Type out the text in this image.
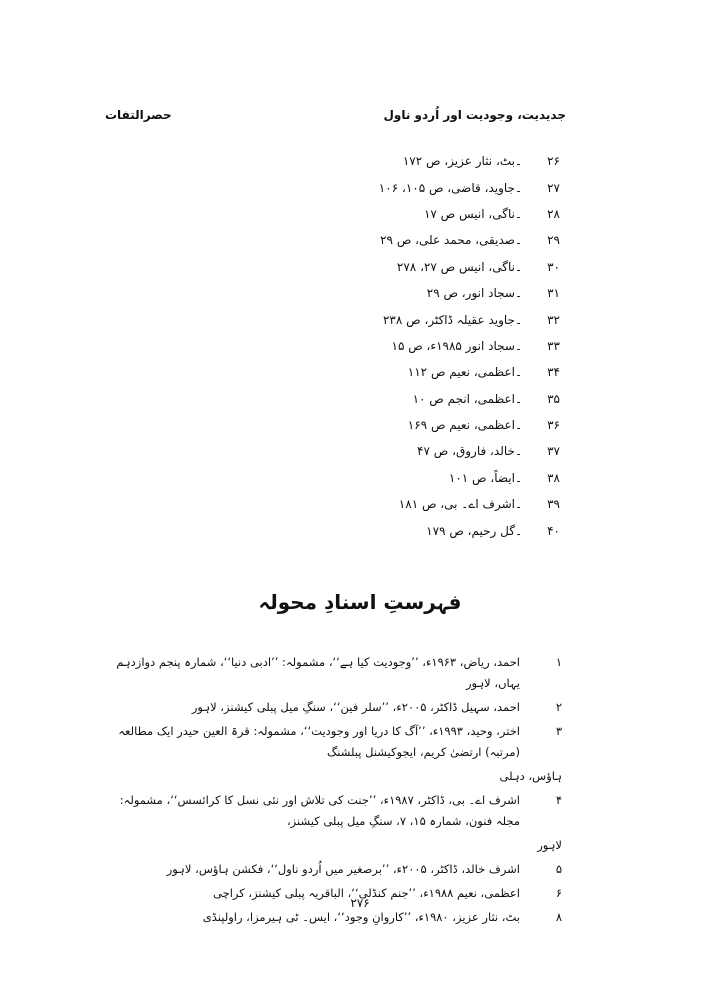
حصرالتفات	جدیدیت، وجودیت اور اُردو ناول
۲۶
۔
بٹ، نثار عزیز، ص ۱۷۲
۲۷
۔
جاوید، قاضی، ص ۱۰۵، ۱۰۶
۲۸
۔
ناگی، انیس ص ۱۷
۲۹
۔
صدیقی، محمد علی، ص ۲۹
۳۰
۔
ناگی، انیس ص ۲۷، ۲۷۸
۳۱
۔
سجاد انور، ص ۲۹
۳۲
۔
جاوید عقیلہ ڈاکٹر، ص ۲۳۸
۳۳
۔
سجاد انور ۱۹۸۵ء، ص ۱۵
۳۴
۔
اعظمی، نعیم ص ۱۱۲
۳۵
۔
اعظمی، انجم ص ۱۰
۳۶
۔
اعظمی، نعیم ص ۱۶۹
۳۷
۔
خالد، فاروق، ص ۴۷
۳۸
۔
ایضاً، ص ۱۰۱
۳۹
۔
اشرف اے۔ بی، ص ۱۸۱
۴۰
۔
گل رحیم، ص ۱۷۹
فہرستِ اسنادِ محولہ
۱
احمد، ریاض، ۱۹۶۳ء، ’’وجودیت کیا ہے‘‘، مشمولہ: ’’ادبی دنیا‘‘، شمارہ پنجم دوازدہم یہاں، لاہور
۲
احمد، سہیل ڈاکٹر، ۲۰۰۵ء، ’’سلر فین‘‘، سنگِ میل پبلی کیشنز، لاہور
۳
اختر، وحید، ۱۹۹۳ء، ’’آگ کا دریا اور وجودیت‘‘، مشمولہ: قرۃ العین حیدر ایک مطالعہ (مرتبہ) ارتضیٰ کریم، ایجوکیشنل پبلشنگ
ہاؤس، دہلی
۴
اشرف اے۔ بی، ڈاکٹر، ۱۹۸۷ء، ’’جنت کی تلاش اور نئی نسل کا کرائسس‘‘، مشمولہ: مجلہ فنون، شمارہ ۱۵، ۷، سنگِ میل پبلی کیشنز،
لاہور
۵
اشرف خالد، ڈاکٹر، ۲۰۰۵ء، ’’برصغیر میں اُردو ناول‘‘، فکشن ہاؤس، لاہور
۶
اعظمی، نعیم ۱۹۸۸ء، ’’جنم کنڈلی‘‘، الباقریہ پبلی کیشنز، کراچی
۸
بٹ، نثار عزیز، ۱۹۸۰ء، ’’کاروانِ وجود‘‘، ایس۔ ٹی ہیرمزا، راولپنڈی
۲۷۶
